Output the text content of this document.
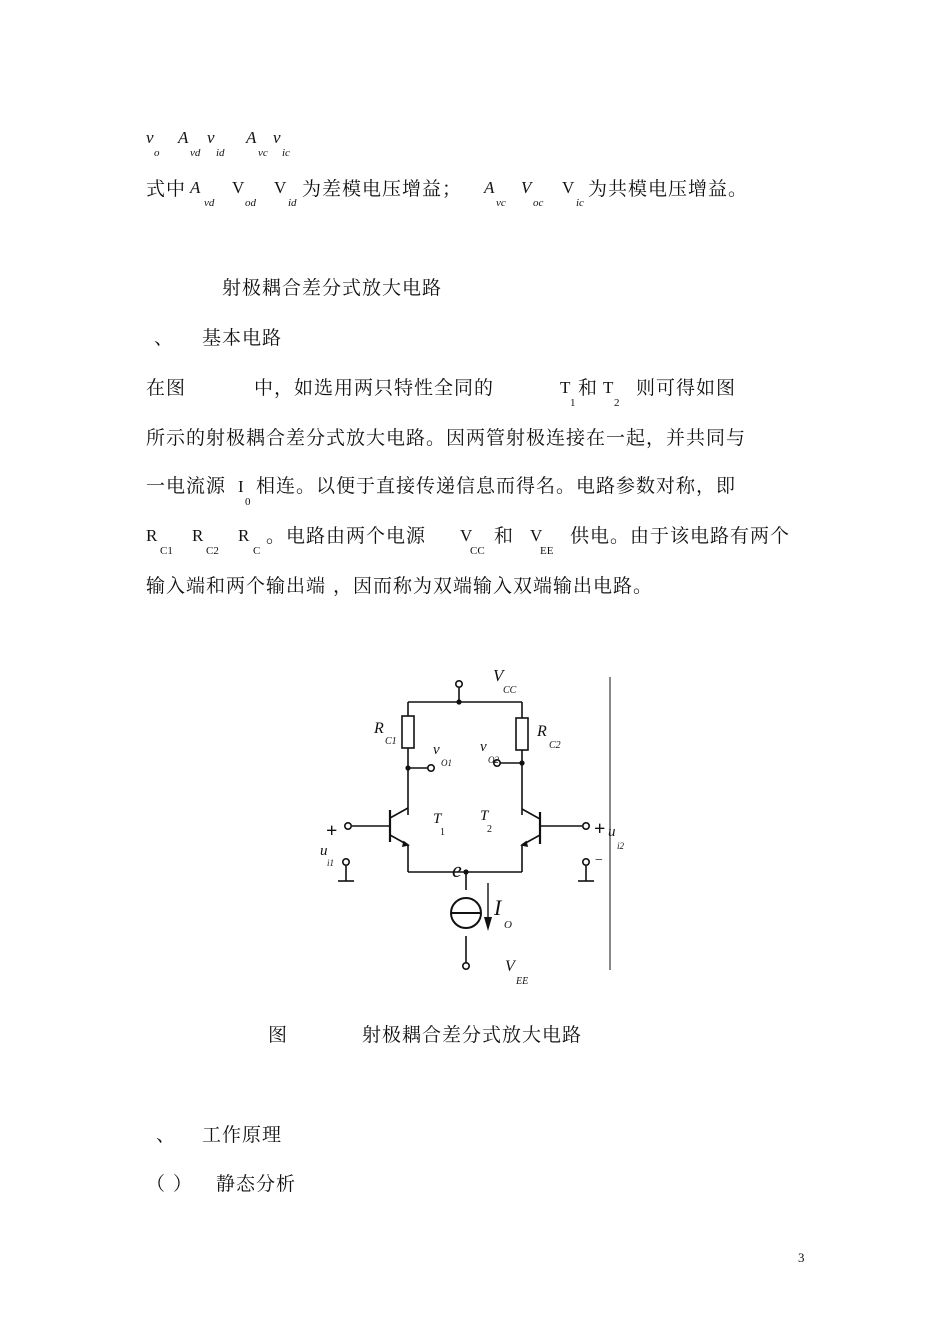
v
o
A
vd
v
id
A
vc
v
ic
式中 A
vd
V
od
V
id
为差模电压增益； A
vc
V
oc
V
ic
为共模电压增益。
射极耦合差分式放大电路
、 基本电路
在图	中，如选用两只特性全同的	T
1
和 T
2
则可得如图
所示的射极耦合差分式放大电路。因两管射极连接在一起，并共同与
一电流源 I
0
相连。以便于直接传递信息而得名。电路参数对称，即
R
C1
R
C2
R
C
。电路由两个电源 V
CC
和 V
EE
供电。由于该电路有两个
输入端和两个输出端 ，因而称为双端输入双端输出电路。
V
CC
R
C1
R
C2
v
O1
v
O2
T
1
T
2
+
u
i1
+ u
i2
−
e
I
O
V
EE
图	射极耦合差分式放大电路
、 工作原理
（ ） 静态分析
3
